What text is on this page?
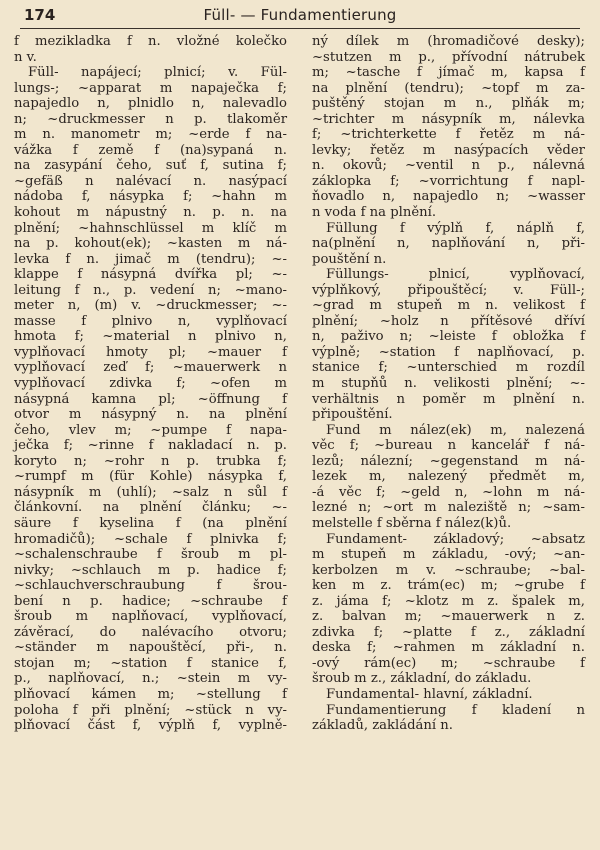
174	Füll- — Fundamentierung
f mezikladka f n. vložné kolečko
n v.
Füll- napájecí; plnicí; v. Fül-
lungs-; ~apparat m napaječka f;
napajedlo n, plnidlo n, nalevadlo
n; ~druckmesser n p. tlakoměr
m n. manometr m; ~erde f na-
vážka f země f (na)sypaná n.
na zasypání čeho, suť f, sutina f;
~gefäß n nalévací n. nasýpací
nádoba f, násypka f; ~hahn m
kohout m nápustný n. p. n. na
plnění; ~hahnschlüssel m klíč m
na p. kohout(ek); ~kasten m ná-
levka f n. jimač m (tendru); ~-
klappe f násypná dvířka pl; ~-
leitung f n., p. vedení n; ~mano-
meter n, (m) v. ~druckmesser; ~-
masse f plnivo n, vyplňovací
hmota f; ~material n plnivo n,
vyplňovací hmoty pl; ~mauer f
vyplňovací zeď f; ~mauerwerk n
vyplňovací zdivka f; ~ofen m
násypná kamna pl; ~öffnung f
otvor m násypný n. na plnění
čeho, vlev m; ~pumpe f napa-
ječka f; ~rinne f nakladací n. p.
koryto n; ~rohr n p. trubka f;
~rumpf m (für Kohle) násypka f,
násypník m (uhlí); ~salz n sůl f
článkovní. na plnění článku; ~-
säure f kyselina f (na plnění
hromadičů); ~schale f plnivka f;
~schalenschraube f šroub m pl-
nivky; ~schlauch m p. hadice f;
~schlauchverschraubung f šrou-
bení n p. hadice; ~schraube f
šroub m naplňovací, vyplňovací,
závěrací, do nalévacího otvoru;
~ständer m napouštěcí, při-, n.
stojan m; ~station f stanice f,
p., naplňovací, n.; ~stein m vy-
plňovací kámen m; ~stellung f
poloha f při plnění; ~stück n vy-
plňovací část f, výplň f, vyplně-
ný dílek m (hromadičové desky);
~stutzen m p., přívodní nátrubek
m; ~tasche f jímač m, kapsa f
na plnění (tendru); ~topf m za-
puštěný stojan m n., plňák m;
~trichter m násypník m, nálevka
f; ~trichterkette f řetěz m ná-
levky; řetěz m nasýpacích věder
n. okovů; ~ventil n p., nálevná
záklopka f; ~vorrichtung f napl-
ňovadlo n, napajedlo n; ~wasser
n voda f na plnění.
Füllung f výplň f, náplň f,
na(plnění n, naplňování n, při-
pouštění n.
Füllungs- plnicí, vyplňovací,
výplňkový, připouštěcí; v. Füll-;
~grad m stupeň m n. velikost f
plnění; ~holz n přítěsové dříví
n, paživo n; ~leiste f obložka f
výplně; ~station f naplňovací, p.
stanice f; ~unterschied m rozdíl
m stupňů n. velikosti plnění; ~-
verhältnis n poměr m plnění n.
připouštění.
Fund m nález(ek) m, nalezená
věc f; ~bureau n kancelář f ná-
lezů; nálezní; ~gegenstand m ná-
lezek m, nalezený předmět m,
-á věc f; ~geld n, ~lohn m ná-
lezné n; ~ort m naleziště n; ~sam-
melstelle f sběrna f nález(k)ů.
Fundament- základový; ~absatz
m stupeň m základu, -ový; ~an-
kerbolzen m v. ~schraube; ~bal-
ken m z. trám(ec) m; ~grube f
z. jáma f; ~klotz m z. špalek m,
z. balvan m; ~mauerwerk n z.
zdivka f; ~platte f z., základní
deska f; ~rahmen m základní n.
-ový rám(ec) m; ~schraube f
šroub m z., základní, do základu.
Fundamental- hlavní, základní.
Fundamentierung f kladení n
základů, zakládání n.
